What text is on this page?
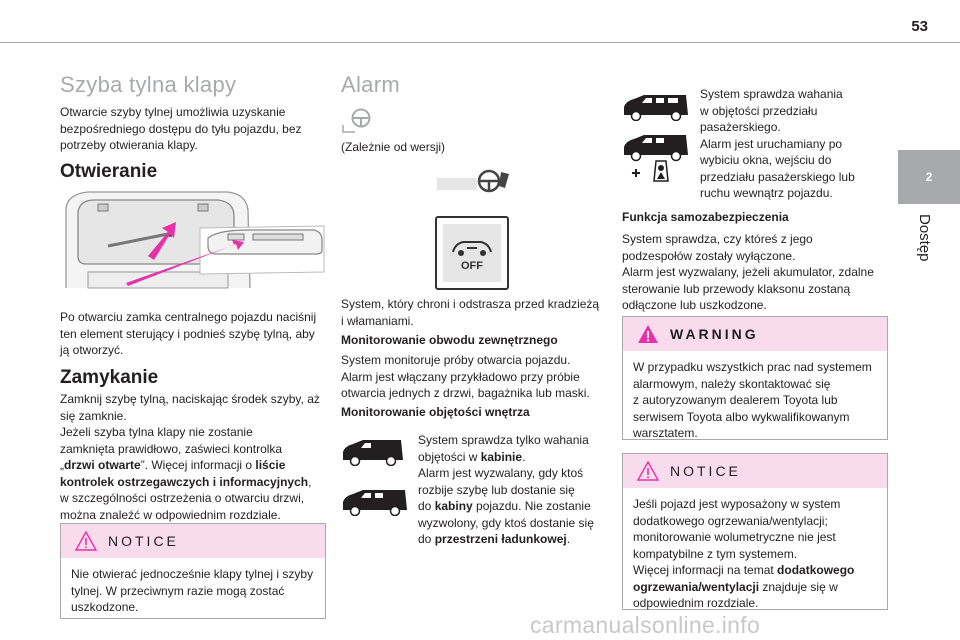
53
2
Dostęp
Szyba tylna klapy
Otwarcie szyby tylnej umożliwia uzyskanie
bezpośredniego dostępu do tyłu pojazdu, bez
potrzeby otwierania klapy.
Otwieranie
Po otwarciu zamka centralnego pojazdu naciśnij
ten element sterujący i podnieś szybę tylną, aby
ją otworzyć.
Zamykanie
Zamknij szybę tylną, naciskając środek szyby, aż
się zamknie.
Jeżeli szyba tylna klapy nie zostanie
zamknięta prawidłowo, zaświeci kontrolka
„drzwi otwarte”. Więcej informacji o liście
kontrolek ostrzegawczych i informacyjnych,
w szczególności ostrzeżenia o otwarciu drzwi,
można znaleźć w odpowiednim rozdziale.
NOTICE
Nie otwierać jednocześnie klapy tylnej i szyby
tylnej. W przeciwnym razie mogą zostać
uszkodzone.
Alarm
(Zależnie od wersji)
OFF
System, który chroni i odstrasza przed kradzieżą
i włamaniami.
Monitorowanie obwodu zewnętrznego
System monitoruje próby otwarcia pojazdu.
Alarm jest włączany przykładowo przy próbie
otwarcia jednych z drzwi, bagażnika lub maski.
Monitorowanie objętości wnętrza
System sprawdza tylko wahania
objętości w kabinie.
Alarm jest wyzwalany, gdy ktoś
rozbije szybę lub dostanie się
do kabiny pojazdu. Nie zostanie
wyzwolony, gdy ktoś dostanie się
do przestrzeni ładunkowej.
System sprawdza wahania
w objętości przedziału
pasażerskiego.
Alarm jest uruchamiany po
wybiciu okna, wejściu do
przedziału pasażerskiego lub
ruchu wewnątrz pojazdu.
Funkcja samozabezpieczenia
System sprawdza, czy któreś z jego
podzespołów zostały wyłączone.
Alarm jest wyzwalany, jeżeli akumulator, zdalne
sterowanie lub przewody klaksonu zostaną
odłączone lub uszkodzone.
WARNING
W przypadku wszystkich prac nad systemem
alarmowym, należy skontaktować się
z autoryzowanym dealerem Toyota lub
serwisem Toyota albo wykwalifikowanym
warsztatem.
NOTICE
Jeśli pojazd jest wyposażony w system
dodatkowego ogrzewania/wentylacji;
monitorowanie wolumetryczne nie jest
kompatybilne z tym systemem.
Więcej informacji na temat dodatkowego
ogrzewania/wentylacji znajduje się w
odpowiednim rozdziale.
carmanualsonline.info
